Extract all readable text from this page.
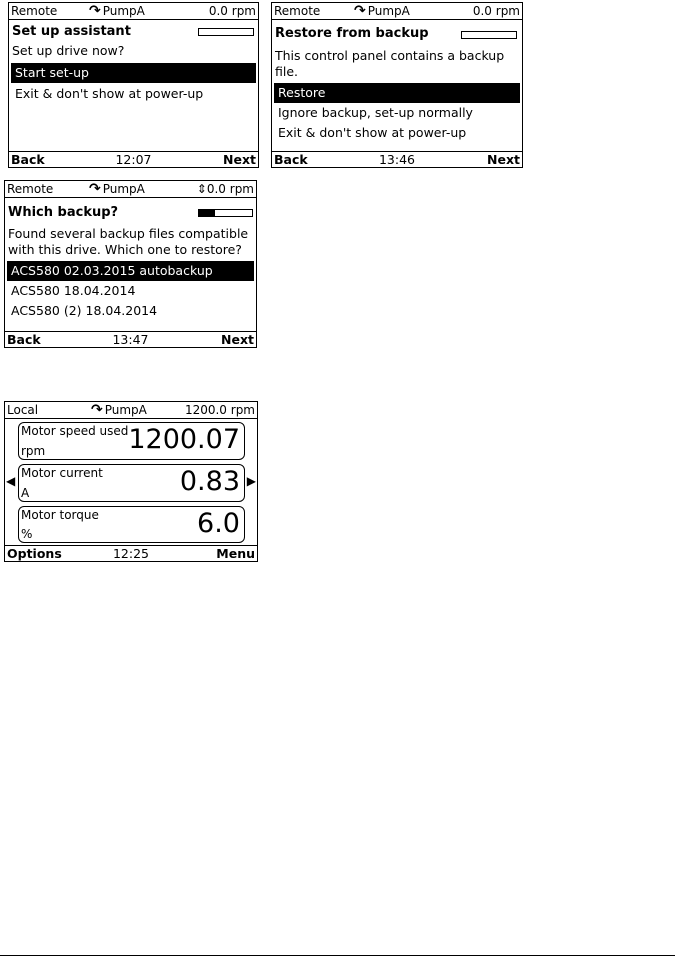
Remote ↷ PumpA	0.0 rpm
Set up assistant
Set up drive now?
Start set-up
Exit & don't show at power-up
Back	12:07	Next
Remote ↷ PumpA	0.0 rpm
Restore from backup
This control panel contains a backup
file.
Restore
Ignore backup, set-up normally
Exit & don't show at power-up
Back	13:46	Next
Remote	↷ PumpA	⇕0.0 rpm
Which backup?
Found several backup files compatible
with this drive. Which one to restore?
ACS580 02.03.2015 autobackup
ACS580 18.04.2014
ACS580 (2) 18.04.2014
Back	13:47	Next
Local	↷ PumpA	1200.0 rpm
◀	▶
Motor speed used
rpm	1200.07
Motor current
A	0.83
Motor torque
%	6.0
Options	12:25	Menu
